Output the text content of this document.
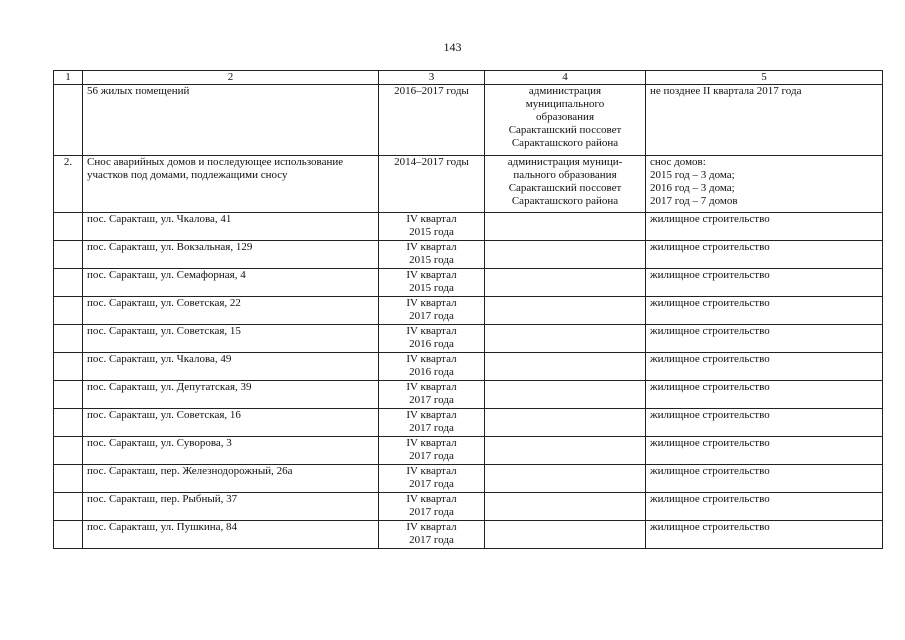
143
1	2	3	4	5
	56 жилых помещений	2016–2017 годы	администрация
муниципального
образования
Саракташский поссовет
Саракташского района	не позднее II квартала 2017 года

2.	Снос аварийных домов и последующее использование участков под домами, подлежащими сносу	2014–2017 годы	администрация муници-
пального образования
Саракташский поссовет
Саракташского района	снос домов:
2015 год – 3 дома;
2016 год – 3 дома;
2017 год – 7 домов

	пос. Саракташ, ул. Чкалова, 41	IV квартал
2015 года		жилищное строительство
	пос. Саракташ, ул. Вокзальная, 129	IV квартал
2015 года		жилищное строительство
	пос. Саракташ, ул. Семафорная, 4	IV квартал
2015 года		жилищное строительство
	пос. Саракташ, ул. Советская, 22	IV квартал
2017 года		жилищное строительство
	пос. Саракташ, ул. Советская, 15	IV квартал
2016 года		жилищное строительство
	пос. Саракташ, ул. Чкалова, 49	IV квартал
2016 года		жилищное строительство
	пос. Саракташ, ул. Депутатская, 39	IV квартал
2017 года		жилищное строительство
	пос. Саракташ, ул. Советская, 16	IV квартал
2017 года		жилищное строительство
	пос. Саракташ, ул. Суворова, 3	IV квартал
2017 года		жилищное строительство
	пос. Саракташ, пер. Железнодорожный, 26а	IV квартал
2017 года		жилищное строительство
	пос. Саракташ, пер. Рыбный, 37	IV квартал
2017 года		жилищное строительство
	пос. Саракташ, ул. Пушкина, 84	IV квартал
2017 года		жилищное строительство
